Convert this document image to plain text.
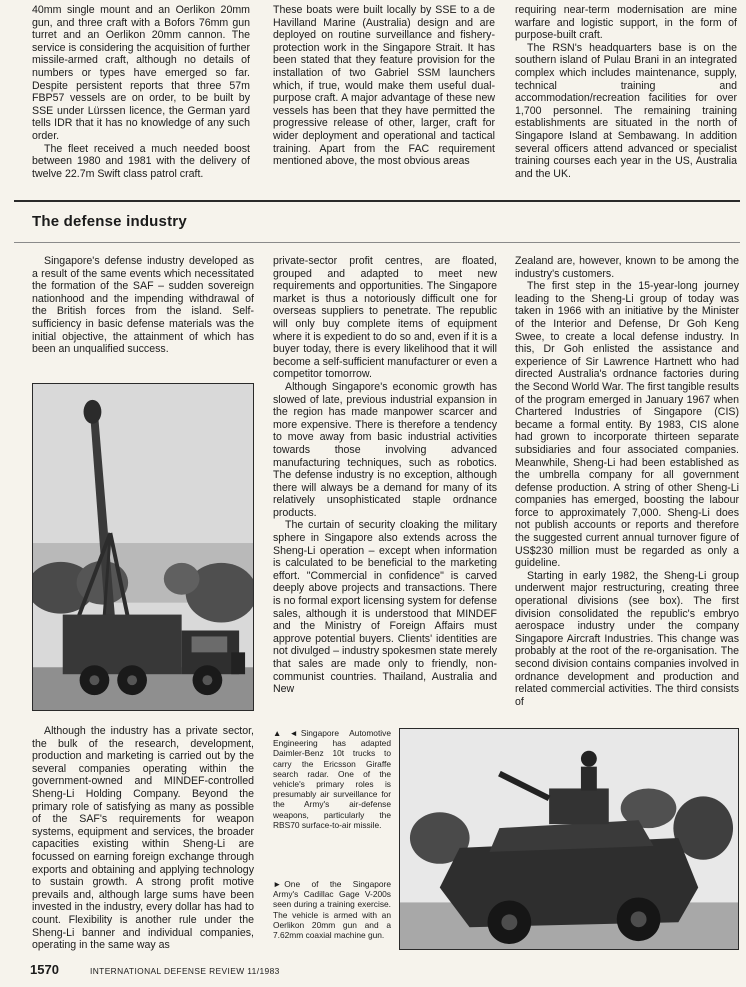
40mm single mount and an Oerlikon 20mm gun, and three craft with a Bofors 76mm gun turret and an Oerlikon 20mm cannon. The service is considering the acquisition of further missile-armed craft, although no details of numbers or types have emerged so far. Despite persistent reports that three 57m FBP57 vessels are on order, to be built by SSE under Lürssen licence, the German yard tells IDR that it has no knowledge of any such order.

The fleet received a much needed boost between 1980 and 1981 with the delivery of twelve 22.7m Swift class patrol craft.

These boats were built locally by SSE to a de Havilland Marine (Australia) design and are deployed on routine surveillance and fishery-protection work in the Singapore Strait. It has been stated that they feature provision for the installation of two Gabriel SSM launchers which, if true, would make them useful dual-purpose craft. A major advantage of these new vessels has been that they have permitted the progressive release of other, larger, craft for wider deployment and operational and tactical training. Apart from the FAC requirement mentioned above, the most obvious areas

requiring near-term modernisation are mine warfare and logistic support, in the form of purpose-built craft.

The RSN's headquarters base is on the southern island of Pulau Brani in an integrated complex which includes maintenance, supply, technical training and accommodation/recreation facilities for over 1,700 personnel. The remaining training establishments are situated in the north of Singapore Island at Sembawang. In addition several officers attend advanced or specialist training courses each year in the US, Australia and the UK.

The defense industry

Singapore's defense industry developed as a result of the same events which necessitated the formation of the SAF – sudden sovereign nationhood and the impending withdrawal of the British forces from the island. Self-sufficiency in basic defense materials was the initial objective, the attainment of which has been an unqualified success.

Although the industry has a private sector, the bulk of the research, development, production and marketing is carried out by the several companies operating within the government-owned and MINDEF-controlled Sheng-Li Holding Company. Beyond the primary role of satisfying as many as possible of the SAF's requirements for weapon systems, equipment and services, the broader capacities existing within Sheng-Li are focussed on earning foreign exchange through exports and obtaining and applying technology to sustain growth. A strong profit motive prevails and, although large sums have been invested in the industry, every dollar has had to count. Flexibility is another rule under the Sheng-Li banner and individual companies, operating in the same way as

private-sector profit centres, are floated, grouped and adapted to meet new requirements and opportunities. The Singapore market is thus a notoriously difficult one for overseas suppliers to penetrate. The republic will only buy complete items of equipment where it is expedient to do so and, even if it is a buyer today, there is every likelihood that it will become a self-sufficient manufacturer or even a competitor tomorrow.

Although Singapore's economic growth has slowed of late, previous industrial expansion in the region has made manpower scarcer and more expensive. There is therefore a tendency to move away from basic industrial activities towards those involving advanced manufacturing techniques, such as robotics. The defense industry is no exception, although there will always be a demand for many of its relatively unsophisticated staple ordnance products.

The curtain of security cloaking the military sphere in Singapore also extends across the Sheng-Li operation – except when information is calculated to be beneficial to the marketing effort. "Commercial in confidence" is carved deeply above projects and transactions. There is no formal export licensing system for defense sales, although it is understood that MINDEF and the Ministry of Foreign Affairs must approve potential buyers. Clients' identities are not divulged – industry spokesmen state merely that sales are made only to friendly, non-communist countries. Thailand, Australia and New

Zealand are, however, known to be among the industry's customers.

The first step in the 15-year-long journey leading to the Sheng-Li group of today was taken in 1966 with an initiative by the Minister of the Interior and Defense, Dr Goh Keng Swee, to create a local defense industry. In this, Dr Goh enlisted the assistance and experience of Sir Lawrence Hartnett who had directed Australia's ordnance factories during the Second World War. The first tangible results of the program emerged in January 1967 when Chartered Industries of Singapore (CIS) became a formal entity. By 1983, CIS alone had grown to incorporate thirteen separate subsidiaries and four associated companies. Meanwhile, Sheng-Li had been established as the umbrella company for all government defense production. A string of other Sheng-Li companies has emerged, boosting the labour force to approximately 7,000. Sheng-Li does not publish accounts or reports and therefore the suggested current annual turnover figure of US$230 million must be regarded as only a guideline.

Starting in early 1982, the Sheng-Li group underwent major restructuring, creating three operational divisions (see box). The first division consolidated the republic's embryo aerospace industry under the company Singapore Aircraft Industries. This change was probably at the root of the re-organisation. The second division contains companies involved in ordnance development and production and related commercial activities. The third consists of

▲◄ Singapore Automotive Engineering has adapted Daimler-Benz 10t trucks to carry the Ericsson Giraffe search radar. One of the vehicle's primary roles is presumably air surveillance for the Army's air-defense weapons, particularly the RBS70 surface-to-air missile.
► One of the Singapore Army's Cadillac Gage V-200s seen during a training exercise. The vehicle is armed with an Oerlikon 20mm gun and a 7.62mm coaxial machine gun.
1570	INTERNATIONAL DEFENSE REVIEW 11/1983
